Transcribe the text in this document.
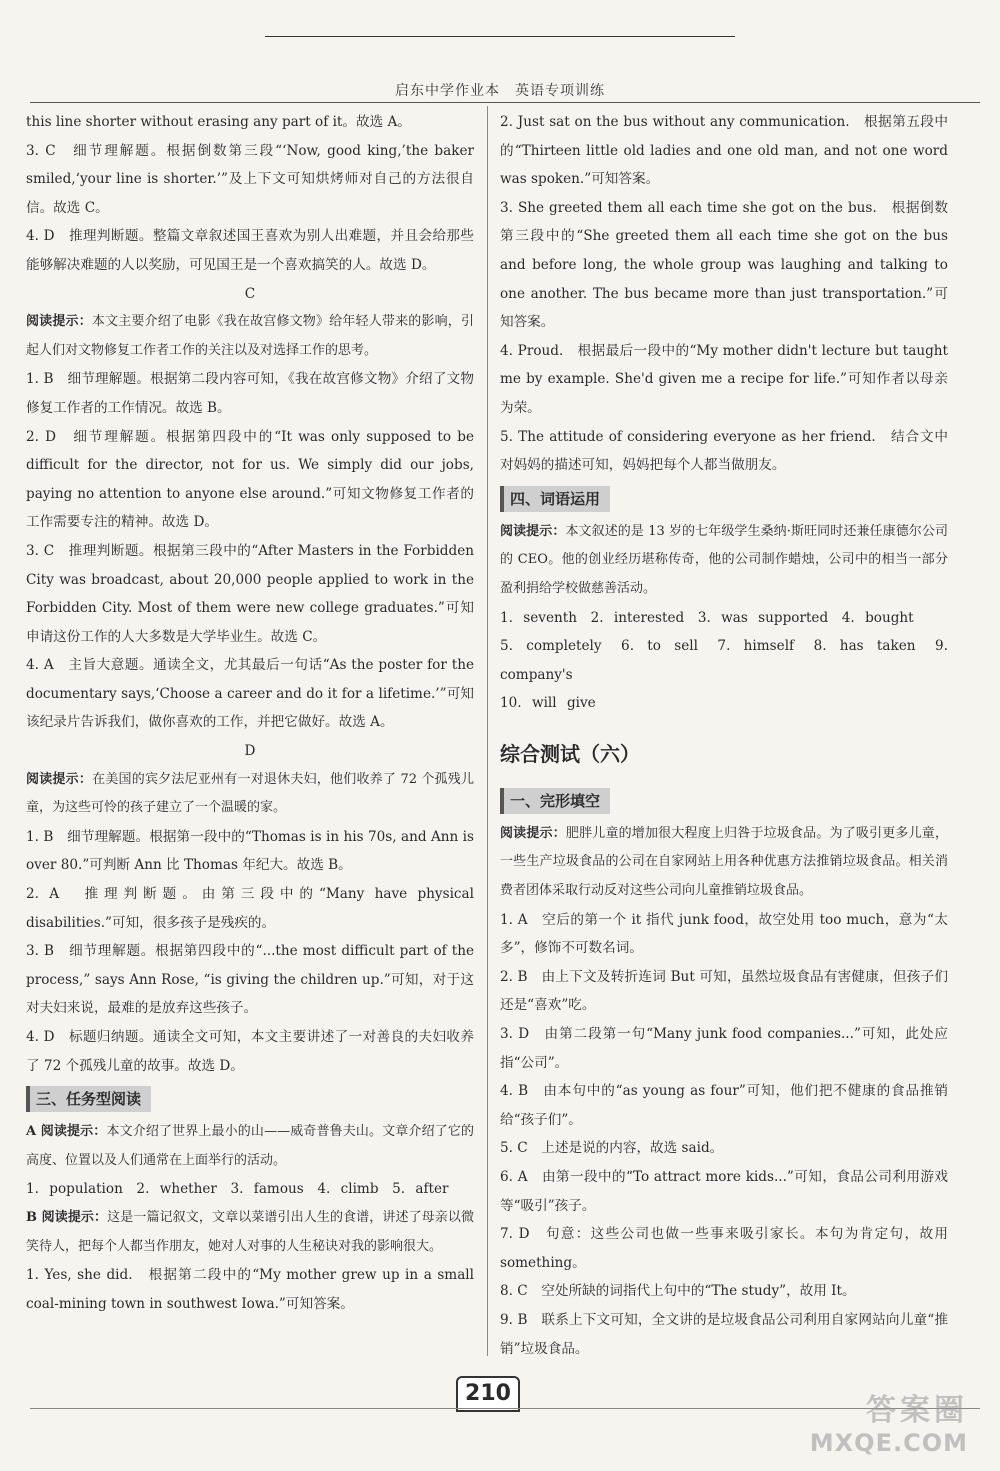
启东中学作业本　英语专项训练

this line shorter without erasing any part of it。故选 A。

3. C　细节理解题。根据倒数第三段“‘Now, good king,’the baker smiled,‘your line is shorter.’”及上下文可知烘烤师对自己的方法很自信。故选 C。

4. D　推理判断题。整篇文章叙述国王喜欢为别人出难题，并且会给那些能够解决难题的人以奖励，可见国王是一个喜欢搞笑的人。故选 D。

C

阅读提示：本文主要介绍了电影《我在故宫修文物》给年轻人带来的影响，引起人们对文物修复工作者工作的关注以及对选择工作的思考。

1. B　细节理解题。根据第二段内容可知，《我在故宫修文物》介绍了文物修复工作者的工作情况。故选 B。

2. D　细节理解题。根据第四段中的“It was only supposed to be difficult for the director, not for us. We simply did our jobs, paying no attention to anyone else around.”可知文物修复工作者的工作需要专注的精神。故选 D。

3. C　推理判断题。根据第三段中的“After Masters in the Forbidden City was broadcast, about 20,000 people applied to work in the Forbidden City. Most of them were new college graduates.”可知申请这份工作的人大多数是大学毕业生。故选 C。

4. A　主旨大意题。通读全文，尤其最后一句话“As the poster for the documentary says,‘Choose a career and do it for a lifetime.’”可知该纪录片告诉我们，做你喜欢的工作，并把它做好。故选 A。

D

阅读提示：在美国的宾夕法尼亚州有一对退休夫妇，他们收养了 72 个孤残儿童，为这些可怜的孩子建立了一个温暖的家。

1. B　细节理解题。根据第一段中的“Thomas is in his 70s, and Ann is over 80.”可判断 Ann 比 Thomas 年纪大。故选 B。

2. A　推理判断题。由第三段中的“Many have physical disabilities.”可知，很多孩子是残疾的。

3. B　细节理解题。根据第四段中的“...the most difficult part of the process,” says Ann Rose, “is giving the children up.”可知，对于这对夫妇来说，最难的是放弃这些孩子。

4. D　标题归纳题。通读全文可知，本文主要讲述了一对善良的夫妇收养了 72 个孤残儿童的故事。故选 D。

三、任务型阅读

A 阅读提示：本文介绍了世界上最小的山——威奇普鲁夫山。文章介绍了它的高度、位置以及人们通常在上面举行的活动。

1. population　2. whether　3. famous　4. climb　5. after

B 阅读提示：这是一篇记叙文，文章以菜谱引出人生的食谱，讲述了母亲以微笑待人，把每个人都当作朋友，她对人对事的人生秘诀对我的影响很大。

1. Yes, she did.　根据第二段中的“My mother grew up in a small coal-mining town in southwest Iowa.”可知答案。

2. Just sat on the bus without any communication.　根据第五段中的“Thirteen little old ladies and one old man, and not one word was spoken.”可知答案。

3. She greeted them all each time she got on the bus.　根据倒数第三段中的“She greeted them all each time she got on the bus and before long, the whole group was laughing and talking to one another. The bus became more than just transportation.”可知答案。

4. Proud.　根据最后一段中的“My mother didn't lecture but taught me by example. She'd given me a recipe for life.”可知作者以母亲为荣。

5. The attitude of considering everyone as her friend.　结合文中对妈妈的描述可知，妈妈把每个人都当做朋友。

四、词语运用

阅读提示：本文叙述的是 13 岁的七年级学生桑纳·斯旺同时还兼任康德尔公司的 CEO。他的创业经历堪称传奇，他的公司制作蜡烛，公司中的相当一部分盈利捐给学校做慈善活动。

1. seventh　2. interested　3. was supported　4. bought

5. completely　6. to sell　7. himself　8. has taken　9. company's

10. will give

综合测试（六）
一、完形填空

阅读提示：肥胖儿童的增加很大程度上归咎于垃圾食品。为了吸引更多儿童，一些生产垃圾食品的公司在自家网站上用各种优惠方法推销垃圾食品。相关消费者团体采取行动反对这些公司向儿童推销垃圾食品。

1. A　空后的第一个 it 指代 junk food，故空处用 too much，意为“太多”，修饰不可数名词。

2. B　由上下文及转折连词 But 可知，虽然垃圾食品有害健康，但孩子们还是“喜欢”吃。

3. D　由第二段第一句“Many junk food companies...”可知，此处应指“公司”。

4. B　由本句中的“as young as four”可知，他们把不健康的食品推销给“孩子们”。

5. C　上述是说的内容，故选 said。

6. A　由第一段中的“To attract more kids...”可知，食品公司利用游戏等“吸引”孩子。

7. D　句意：这些公司也做一些事来吸引家长。本句为肯定句，故用 something。

8. C　空处所缺的词指代上句中的“The study”，故用 It。

9. B　联系上下文可知，全文讲的是垃圾食品公司利用自家网站向儿童“推销”垃圾食品。

210	答案圈
MXQE.COM
